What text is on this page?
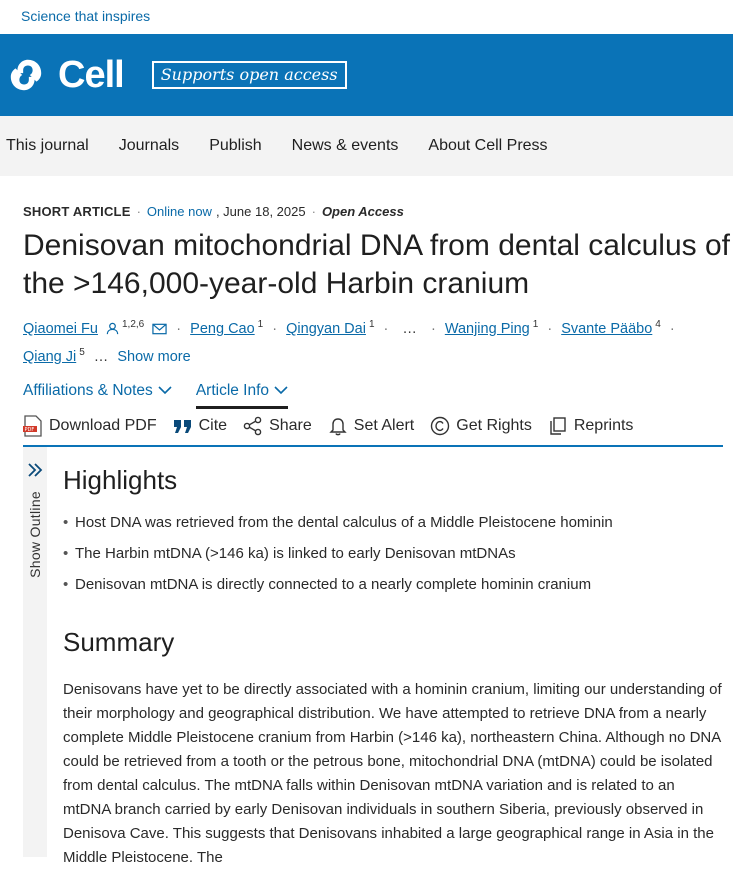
Science that inspires
Cell	Supports open access
This journal Journals Publish News & events About Cell Press
SHORT ARTICLE · Online now , June 18, 2025 · Open Access
Denisovan mitochondrial DNA from dental calculus of the >146,000-year-old Harbin cranium
Qiaomei Fu $^{1,2,6}$ · Peng Cao $^1$ · Qingyan Dai $^1$ · … · Wanjing Ping $^1$ · Svante Pääbo $^4$ ·
Qiang Ji $^5$ … Show more
Affiliations & Notes	Article Info
PDF Download PDF	Cite	Share	Set Alert	Get Rights	Reprints
Show Outline
Highlights
• Host DNA was retrieved from the dental calculus of a Middle Pleistocene hominin
• The Harbin mtDNA (>146 ka) is linked to early Denisovan mtDNAs
• Denisovan mtDNA is directly connected to a nearly complete hominin cranium
Summary

Denisovans have yet to be directly associated with a hominin cranium, limiting our understanding of their morphology and geographical distribution. We have attempted to retrieve DNA from a nearly complete Middle Pleistocene cranium from Harbin (>146 ka), northeastern China. Although no DNA could be retrieved from a tooth or the petrous bone, mitochondrial DNA (mtDNA) could be isolated from dental calculus. The mtDNA falls within Denisovan mtDNA variation and is related to an mtDNA branch carried by early Denisovan individuals in southern Siberia, previously observed in Denisova Cave. This suggests that Denisovans inhabited a large geographical range in Asia in the Middle Pleistocene. The
